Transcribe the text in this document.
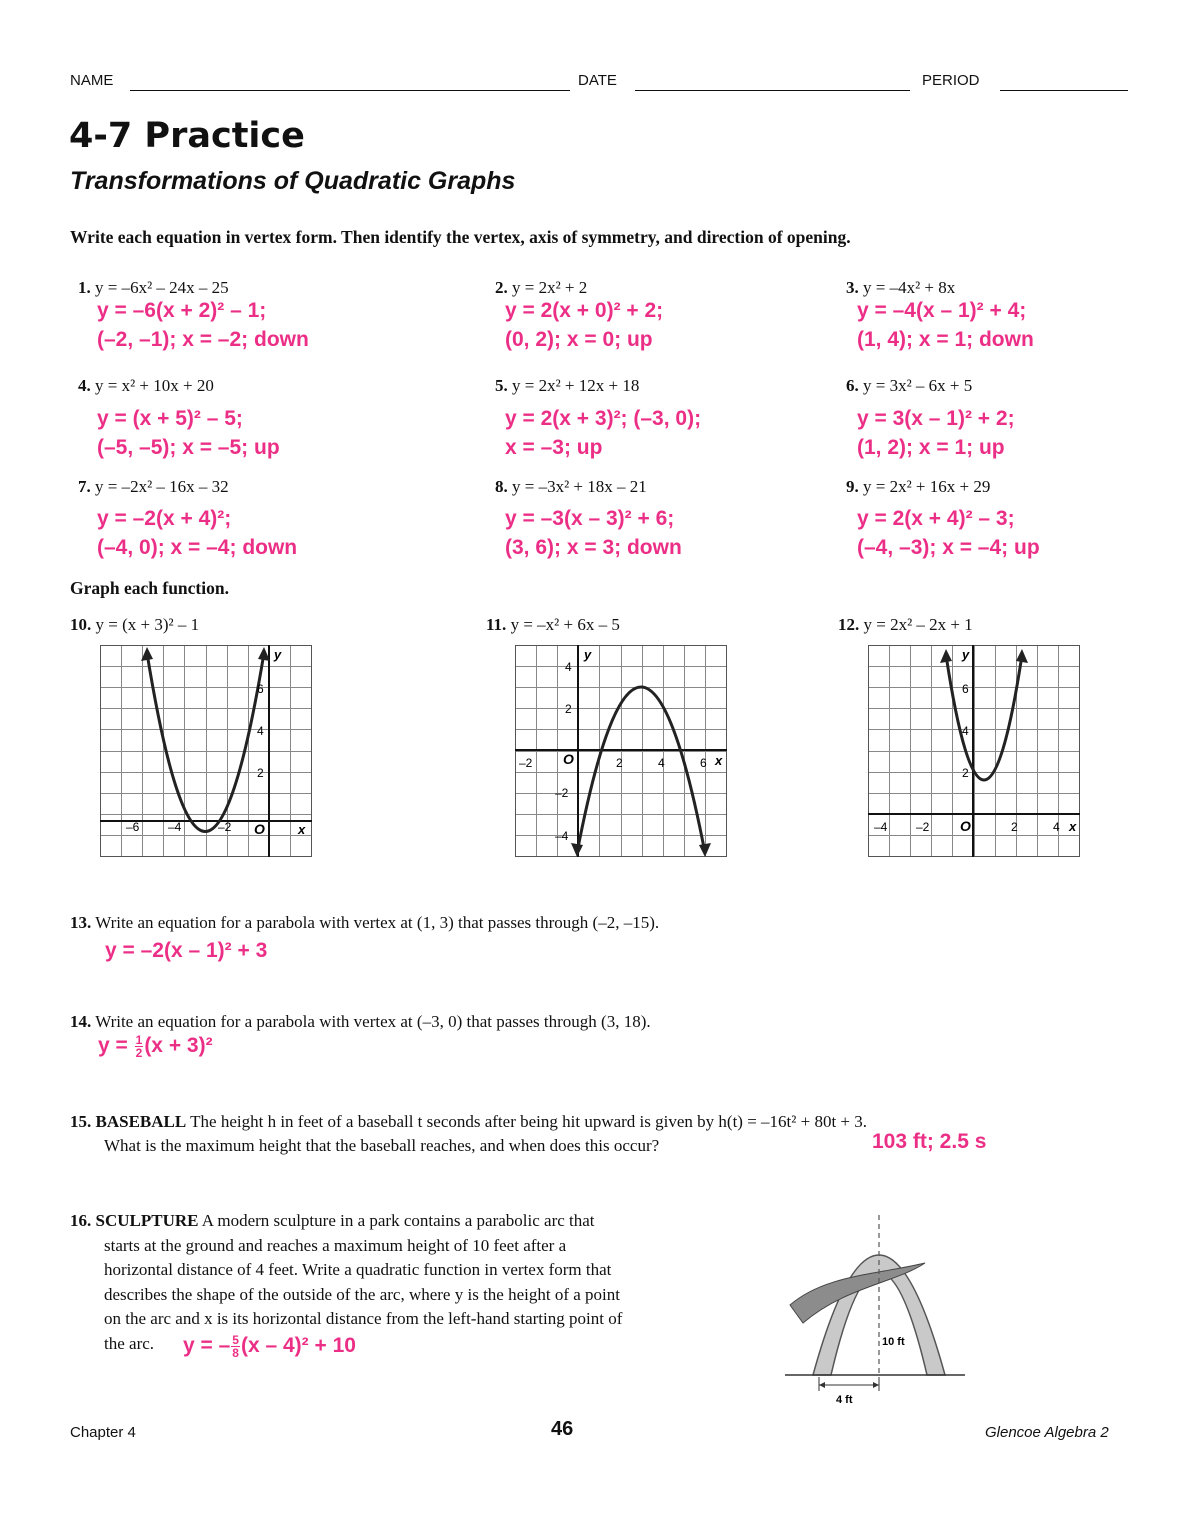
NAME	DATE	PERIOD
4-7 Practice
Transformations of Quadratic Graphs
Write each equation in vertex form. Then identify the vertex, axis of symmetry, and direction of opening.
1. y = –6x² – 24x – 25
y = –6(x + 2)² – 1;
(–2, –1); x = –2; down
2. y = 2x² + 2
y = 2(x + 0)² + 2;
(0, 2); x = 0; up
3. y = –4x² + 8x
y = –4(x – 1)² + 4;
(1, 4); x = 1; down
4. y = x² + 10x + 20
y = (x + 5)² – 5;
(–5, –5); x = –5; up
5. y = 2x² + 12x + 18
y = 2(x + 3)²; (–3, 0);
x = –3; up
6. y = 3x² – 6x + 5
y = 3(x – 1)² + 2;
(1, 2); x = 1; up
7. y = –2x² – 16x – 32
y = –2(x + 4)²;
(–4, 0); x = –4; down
8. y = –3x² + 18x – 21
y = –3(x – 3)² + 6;
(3, 6); x = 3; down
9. y = 2x² + 16x + 29
y = 2(x + 4)² – 3;
(–4, –3); x = –4; up
Graph each function.
10. y = (x + 3)² – 1	11. y = –x² + 6x – 5	12. y = 2x² – 2x + 1
–6 –4	–2
6
4
2
O	x
y
–2	2	4	6
4
2
–2
–4
O	x
y
–4 –2	2	4
6
4
2
O	x
y
13. Write an equation for a parabola with vertex at (1, 3) that passes through (–2, –15).
y = –2(x – 1)² + 3
14. Write an equation for a parabola with vertex at (–3, 0) that passes through (3, 18).
$y = \frac{1}{2} (x + 3)^2$
15. BASEBALL The height h in feet of a baseball t seconds after being hit upward is given by h(t) = –16t² + 80t + 3.
What is the maximum height that the baseball reaches, and when does this occur?	103 ft; 2.5 s
16. SCULPTURE A modern sculpture in a park contains a parabolic arc that
starts at the ground and reaches a maximum height of 10 feet after a
horizontal distance of 4 feet. Write a quadratic function in vertex form that
describes the shape of the outside of the arc, where y is the height of a point
on the arc and x is its horizontal distance from the left-hand starting point of
the arc.	y = – $\frac{5}{8} (x - 4)^2 + 10$	10 ft
4 ft
Chapter 4	46	Glencoe Algebra 2
